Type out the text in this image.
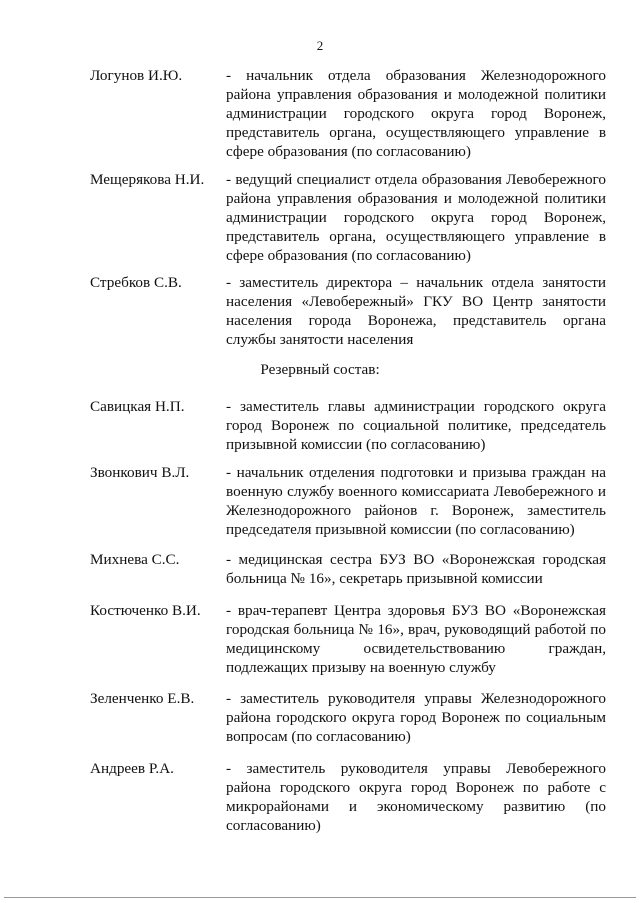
2
Логунов И.Ю.	- начальник отдела образования Железнодорожного района управления образования и молодежной политики администрации городского округа город Воронеж, представитель органа, осуществляющего управление в сфере образования (по согласованию)
Мещерякова Н.И.	- ведущий специалист отдела образования Левобережного района управления образования и молодежной политики администрации городского округа город Воронеж, представитель органа, осуществляющего управление в сфере образования (по согласованию)
Стребков С.В.	- заместитель директора – начальник отдела занятости населения «Левобережный» ГКУ ВО Центр занятости населения города Воронежа, представитель органа службы занятости населения
Резервный состав:
Савицкая Н.П.	- заместитель главы администрации городского округа город Воронеж по социальной политике, председатель призывной комиссии (по согласованию)
Звонкович В.Л.	- начальник отделения подготовки и призыва граждан на военную службу военного комиссариата Левобережного и Железнодорожного районов г. Воронеж, заместитель председателя призывной комиссии (по согласованию)
Михнева С.С.	- медицинская сестра БУЗ ВО «Воронежская городская больница № 16», секретарь призывной комиссии
Костюченко В.И.	- врач-терапевт Центра здоровья БУЗ ВО «Воронежская городская больница № 16», врач, руководящий работой по медицинскому освидетельствованию граждан, подлежащих призыву на военную службу
Зеленченко Е.В.	- заместитель руководителя управы Железнодорожного района городского округа город Воронеж по социальным вопросам (по согласованию)
Андреев Р.А.	- заместитель руководителя управы Левобережного района городского округа город Воронеж по работе с микрорайонами и экономическому развитию (по согласованию)
